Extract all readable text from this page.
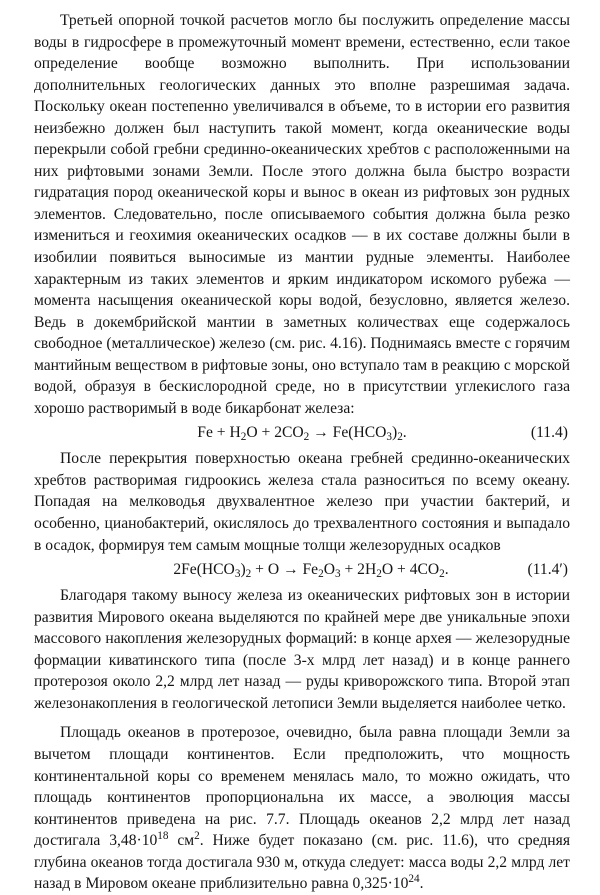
Третьей опорной точкой расчетов могло бы послужить определение массы воды в гидросфере в промежуточный момент времени, естественно, если такое определение вообще возможно выполнить. При использовании дополнительных геологических данных это вполне разрешимая задача. Поскольку океан постепенно увеличивался в объеме, то в истории его развития неизбежно должен был наступить такой момент, когда океанические воды перекрыли собой гребни срединно-океанических хребтов с расположенными на них рифтовыми зонами Земли. После этого должна была быстро возрасти гидратация пород океанической коры и вынос в океан из рифтовых зон рудных элементов. Следовательно, после описываемого события должна была резко измениться и геохимия океанических осадков — в их составе должны были в изобилии появиться выносимые из мантии рудные элементы. Наиболее характерным из таких элементов и ярким индикатором искомого рубежа — момента насыщения океанической коры водой, безусловно, является железо. Ведь в докембрийской мантии в заметных количествах еще содержалось свободное (металлическое) железо (см. рис. 4.16). Поднимаясь вместе с горячим мантийным веществом в рифтовые зоны, оно вступало там в реакцию с морской водой, образуя в бескислородной среде, но в присутствии углекислого газа хорошо растворимый в воде бикарбонат железа:

$Fe + H_2O + 2CO_2 \to Fe(HCO_3)_2$.	(11.4)

После перекрытия поверхностью океана гребней срединно-океанических хребтов растворимая гидроокись железа стала разноситься по всему океану. Попадая на мелководья двухвалентное железо при участии бактерий, и особенно, цианобактерий, окислялось до трехвалентного состояния и выпадало в осадок, формируя тем самым мощные толщи железорудных осадков

$2Fe(HCO_3)_2 + O \to Fe_2O_3 + 2H_2O + 4CO_2$.	(11.4′)

Благодаря такому выносу железа из океанических рифтовых зон в истории развития Мирового океана выделяются по крайней мере две уникальные эпохи массового накопления железорудных формаций: в конце архея — железорудные формации киватинского типа (после 3-х млрд лет назад) и в конце раннего протерозоя около 2,2 млрд лет назад — руды криворожского типа. Второй этап железонакопления в геологической летописи Земли выделяется наиболее четко.

Площадь океанов в протерозое, очевидно, была равна площади Земли за вычетом площади континентов. Если предположить, что мощность континентальной коры со временем менялась мало, то можно ожидать, что площадь континентов пропорциональна их массе, а эволюция массы континентов приведена на рис. 7.7. Площадь океанов 2,2 млрд лет назад достигала $3,48\cdot 10^{18}$ $см^2$. Ниже будет показано (см. рис. 11.6), что средняя глубина океанов тогда достигала 930 м, откуда следует: масса воды 2,2 млрд лет назад в Мировом океане приблизительно равна $0,325\cdot 10^{24}$.
